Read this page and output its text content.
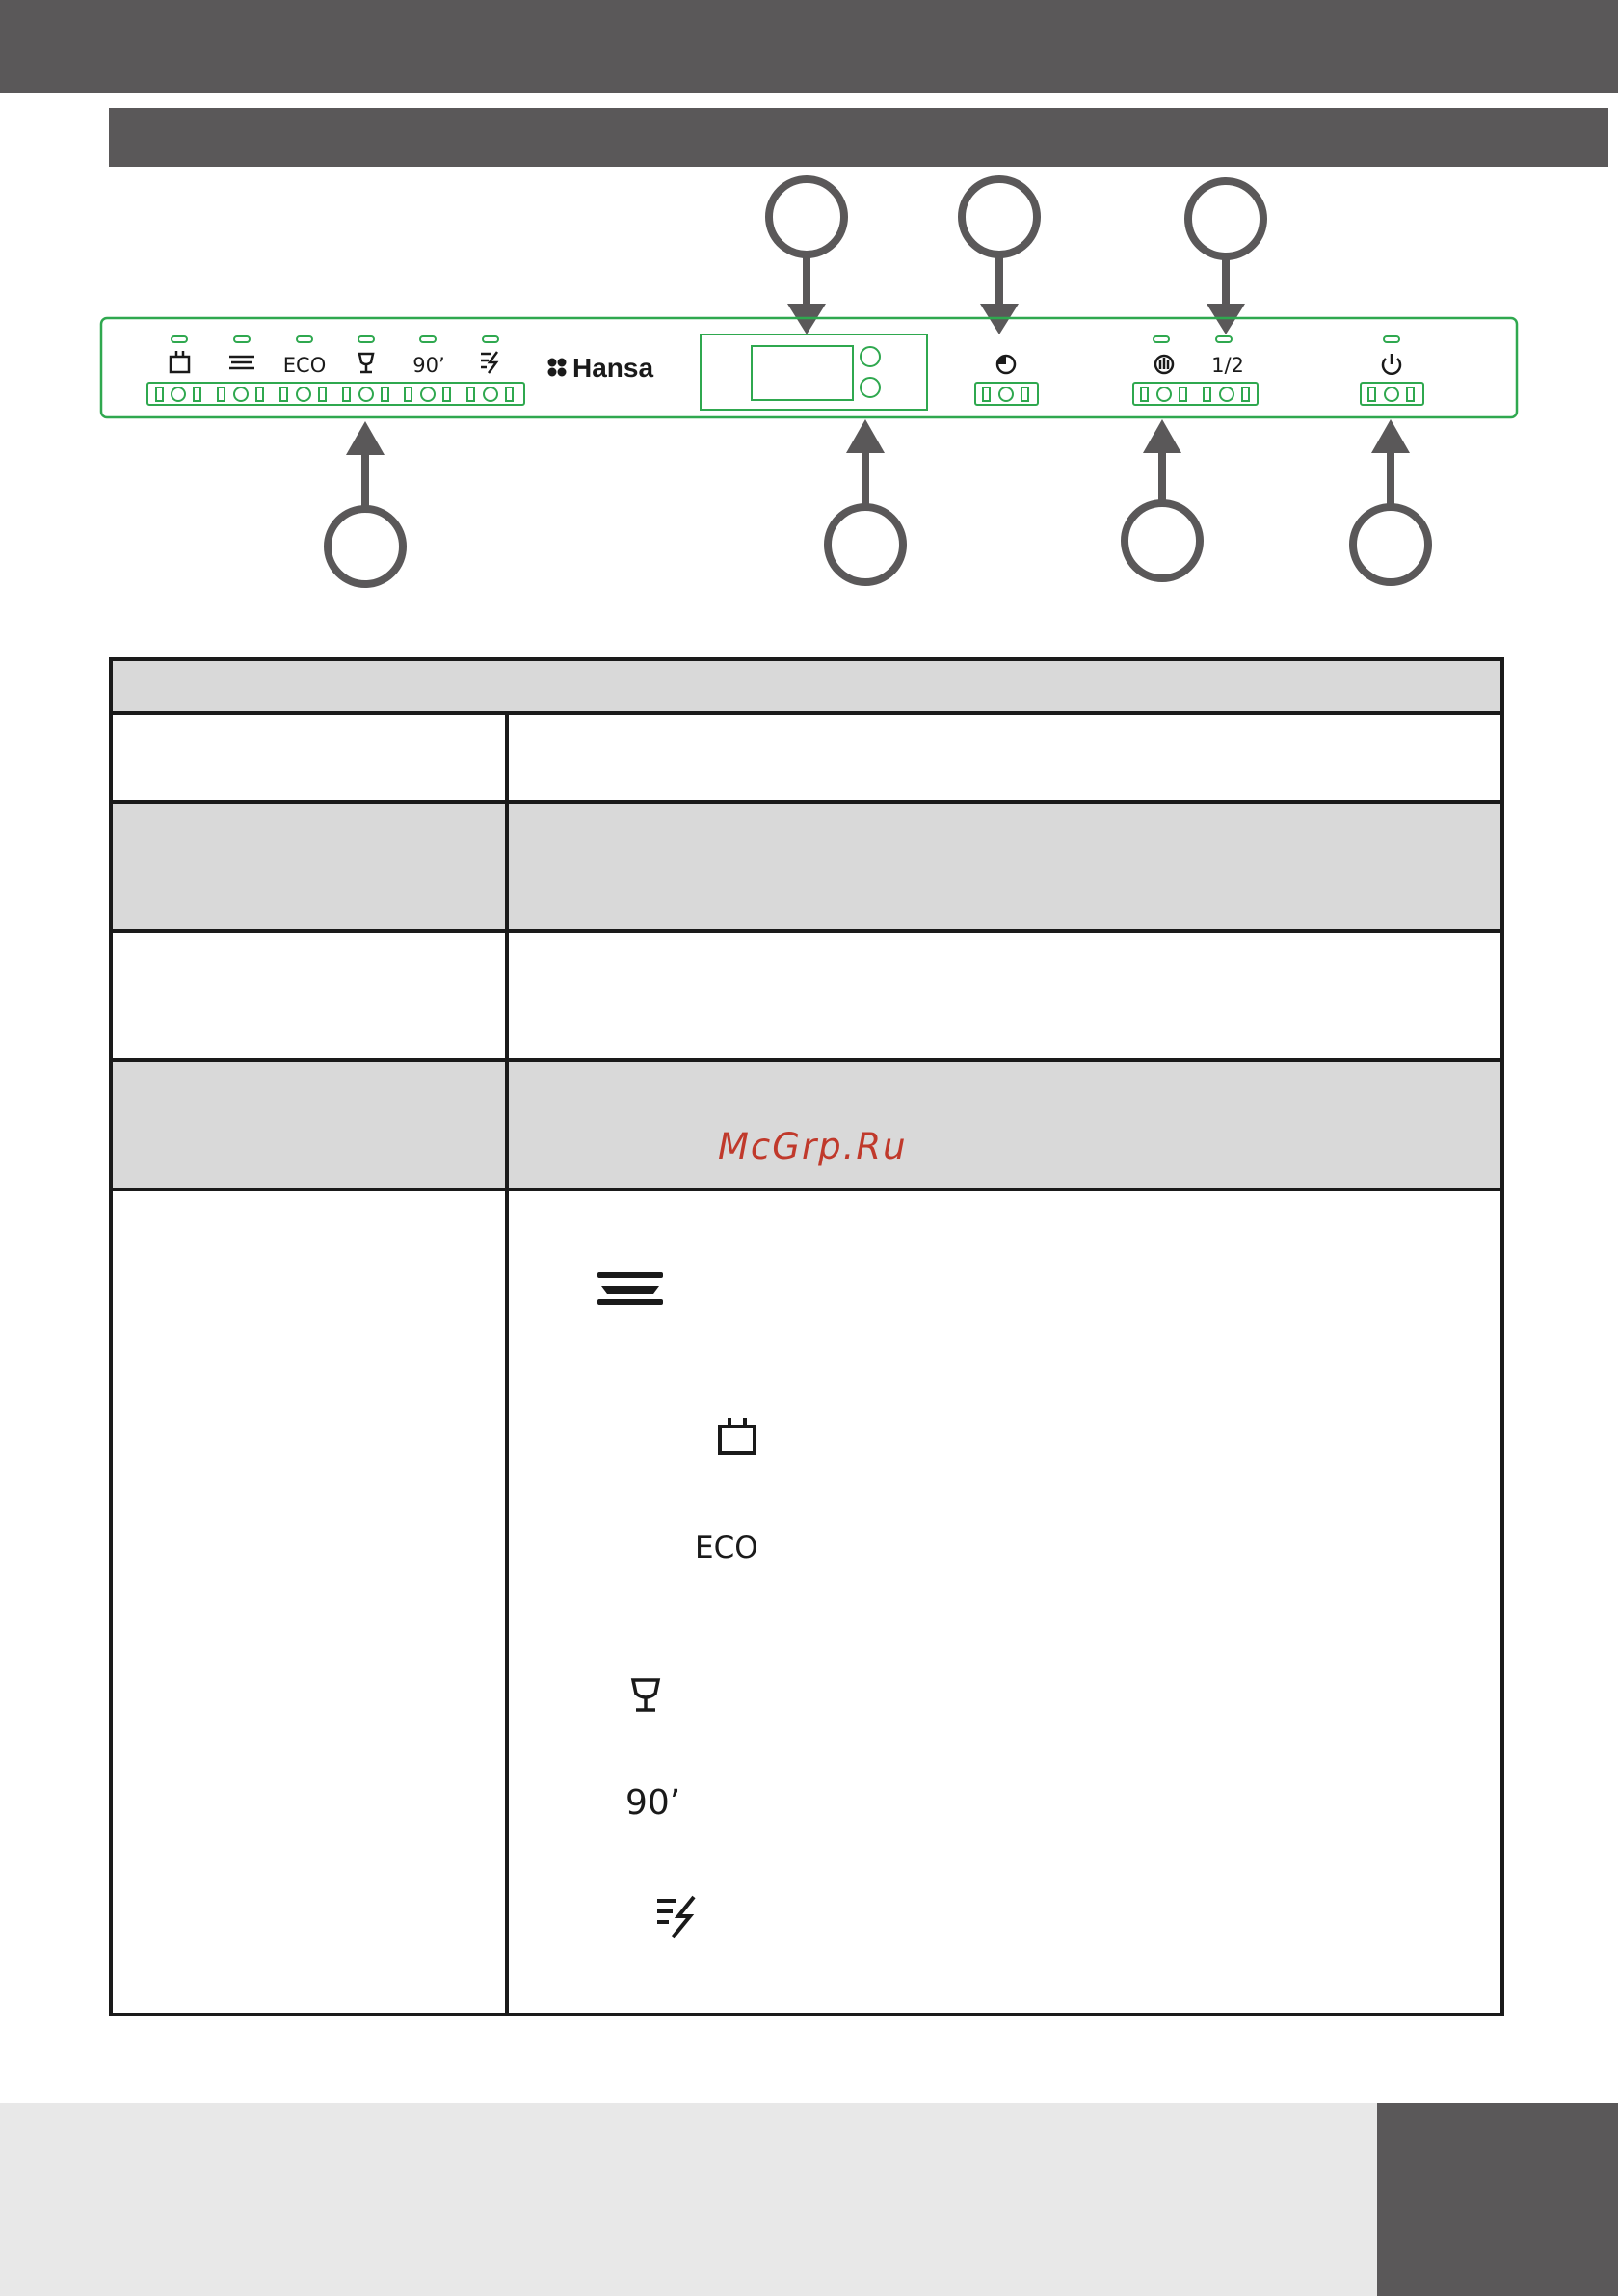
ECO	90’	Hansa	1/2
McGrp.Ru
ECO
90’
